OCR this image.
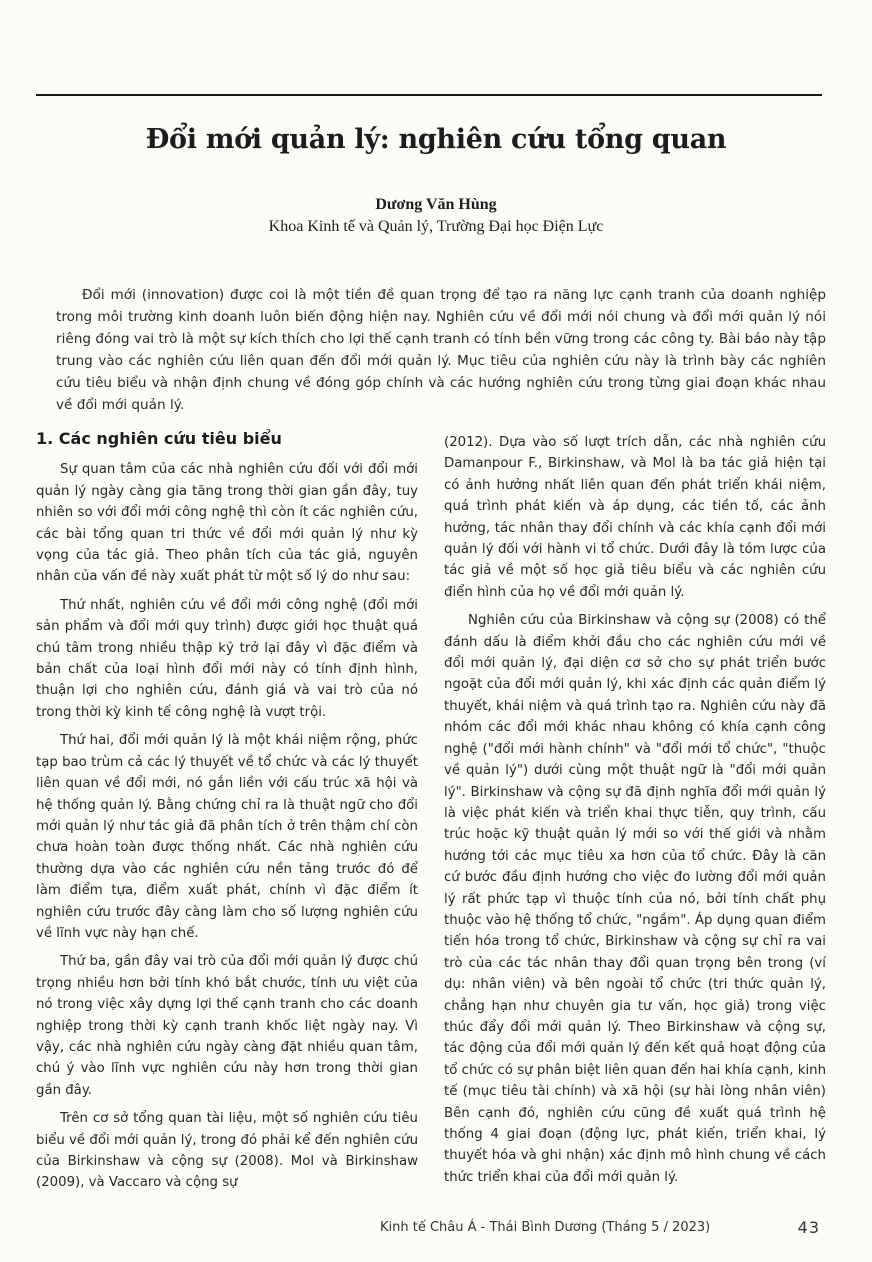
Đổi mới quản lý: nghiên cứu tổng quan
Dương Văn Hùng
Khoa Kinh tế và Quản lý, Trường Đại học Điện Lực

Đổi mới (innovation) được coi là một tiền đề quan trọng để tạo ra năng lực cạnh tranh của doanh nghiệp trong môi trường kinh doanh luôn biến động hiện nay. Nghiên cứu về đổi mới nói chung và đổi mới quản lý nói riêng đóng vai trò là một sự kích thích cho lợi thế cạnh tranh có tính bền vững trong các công ty. Bài báo này tập trung vào các nghiên cứu liên quan đến đổi mới quản lý. Mục tiêu của nghiên cứu này là trình bày các nghiên cứu tiêu biểu và nhận định chung về đóng góp chính và các hướng nghiên cứu trong từng giai đoạn khác nhau về đổi mới quản lý.

1. Các nghiên cứu tiêu biểu

Sự quan tâm của các nhà nghiên cứu đối với đổi mới quản lý ngày càng gia tăng trong thời gian gần đây, tuy nhiên so với đổi mới công nghệ thì còn ít các nghiên cứu, các bài tổng quan tri thức về đổi mới quản lý như kỳ vọng của tác giả. Theo phân tích của tác giả, nguyên nhân của vấn đề này xuất phát từ một số lý do như sau:

Thứ nhất, nghiên cứu về đổi mới công nghệ (đổi mới sản phẩm và đổi mới quy trình) được giới học thuật quá chú tâm trong nhiều thập kỷ trở lại đây vì đặc điểm và bản chất của loại hình đổi mới này có tính định hình, thuận lợi cho nghiên cứu, đánh giá và vai trò của nó trong thời kỳ kinh tế công nghệ là vượt trội.

Thứ hai, đổi mới quản lý là một khái niệm rộng, phức tạp bao trùm cả các lý thuyết về tổ chức và các lý thuyết liên quan về đổi mới, nó gắn liền với cấu trúc xã hội và hệ thống quản lý. Bằng chứng chỉ ra là thuật ngữ cho đổi mới quản lý như tác giả đã phân tích ở trên thậm chí còn chưa hoàn toàn được thống nhất. Các nhà nghiên cứu thường dựa vào các nghiên cứu nền tảng trước đó để làm điểm tựa, điểm xuất phát, chính vì đặc điểm ít nghiên cứu trước đây càng làm cho số lượng nghiên cứu về lĩnh vực này hạn chế.

Thứ ba, gần đây vai trò của đổi mới quản lý được chú trọng nhiều hơn bởi tính khó bắt chước, tính ưu việt của nó trong việc xây dựng lợi thế cạnh tranh cho các doanh nghiệp trong thời kỳ cạnh tranh khốc liệt ngày nay. Vì vậy, các nhà nghiên cứu ngày càng đặt nhiều quan tâm, chú ý vào lĩnh vực nghiên cứu này hơn trong thời gian gần đây.

Trên cơ sở tổng quan tài liệu, một số nghiên cứu tiêu biểu về đổi mới quản lý, trong đó phải kể đến nghiên cứu của Birkinshaw và cộng sự (2008). Mol và Birkinshaw (2009), và Vaccaro và cộng sự

(2012). Dựa vào số lượt trích dẫn, các nhà nghiên cứu Damanpour F., Birkinshaw, và Mol là ba tác giả hiện tại có ảnh hưởng nhất liên quan đến phát triển khái niệm, quá trình phát kiến và áp dụng, các tiền tố, các ảnh hưởng, tác nhân thay đổi chính và các khía cạnh đổi mới quản lý đối với hành vi tổ chức. Dưới đây là tóm lược của tác giả về một số học giả tiêu biểu và các nghiên cứu điển hình của họ về đổi mới quản lý.

Nghiên cứu của Birkinshaw và cộng sự (2008) có thể đánh dấu là điểm khởi đầu cho các nghiên cứu mới về đổi mới quản lý, đại diện cơ sở cho sự phát triển bước ngoặt của đổi mới quản lý, khi xác định các quản điểm lý thuyết, khái niệm và quá trình tạo ra. Nghiên cứu này đã nhóm các đổi mới khác nhau không có khía cạnh công nghệ ("đổi mới hành chính" và "đổi mới tổ chức", "thuộc về quản lý") dưới cùng một thuật ngữ là "đổi mới quản lý". Birkinshaw và cộng sự đã định nghĩa đổi mới quản lý là việc phát kiến và triển khai thực tiễn, quy trình, cấu trúc hoặc kỹ thuật quản lý mới so với thế giới và nhằm hướng tới các mục tiêu xa hơn của tổ chức. Đây là căn cứ bước đầu định hướng cho việc đo lường đổi mới quản lý rất phức tạp vì thuộc tính của nó, bởi tính chất phụ thuộc vào hệ thống tổ chức, "ngầm". Áp dụng quan điểm tiến hóa trong tổ chức, Birkinshaw và cộng sự chỉ ra vai trò của các tác nhân thay đổi quan trọng bên trong (ví dụ: nhân viên) và bên ngoài tổ chức (tri thức quản lý, chẳng hạn như chuyên gia tư vấn, học giả) trong việc thúc đẩy đổi mới quản lý. Theo Birkinshaw và cộng sự, tác động của đổi mới quản lý đến kết quả hoạt động của tổ chức có sự phân biệt liên quan đến hai khía cạnh, kinh tế (mục tiêu tài chính) và xã hội (sự hài lòng nhân viên) Bên cạnh đó, nghiên cứu cũng đề xuất quá trình hệ thống 4 giai đoạn (động lực, phát kiến, triển khai, lý thuyết hóa và ghi nhận) xác định mô hình chung về cách thức triển khai của đổi mới quản lý.

Kinh tế Châu Á - Thái Bình Dương (Tháng 5 / 2023)	43
